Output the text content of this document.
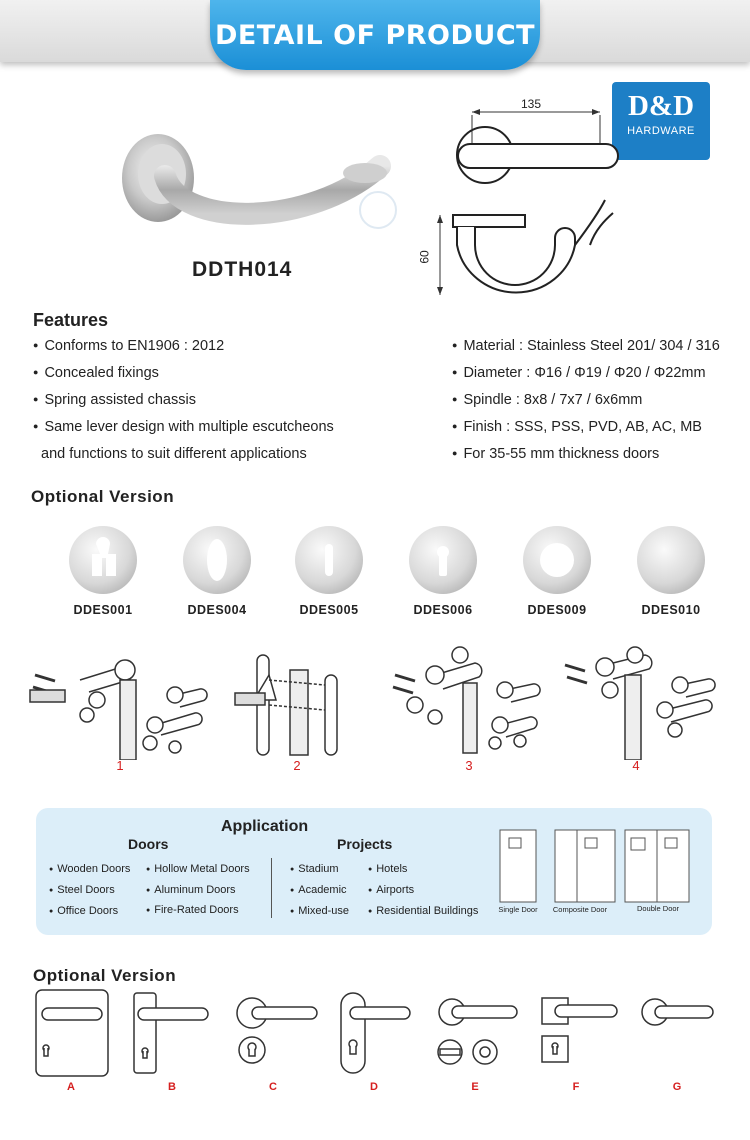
DETAIL OF PRODUCT
D&D
HARDWARE
DDTH014
135
60
Features
● Conforms to EN1906 : 2012
● Concealed fixings
● Spring assisted chassis
● Same lever design with multiple escutcheons
and functions to suit different applications
● Material : Stainless Steel 201/ 304 / 316
● Diameter : Φ16 / Φ19 / Φ20 / Φ22mm
● Spindle : 8x8 / 7x7 / 6x6mm
● Finish : SSS, PSS, PVD, AB, AC, MB
● For 35-55 mm thickness doors
Optional Version
DDES001	DDES004	DDES005	DDES006	DDES009	DDES010
1	2	3	4
Application
Doors	Projects
● Wooden Doors	● Hollow Metal Doors
● Steel Doors	● Aluminum Doors
● Office Doors	● Fire-Rated Doors
● Stadium	● Hotels
● Academic	● Airports
● Mixed-use	● Residential Buildings	Single Door	Composite Door	Double Door
Optional Version
A	B	C	D	E	F	G
